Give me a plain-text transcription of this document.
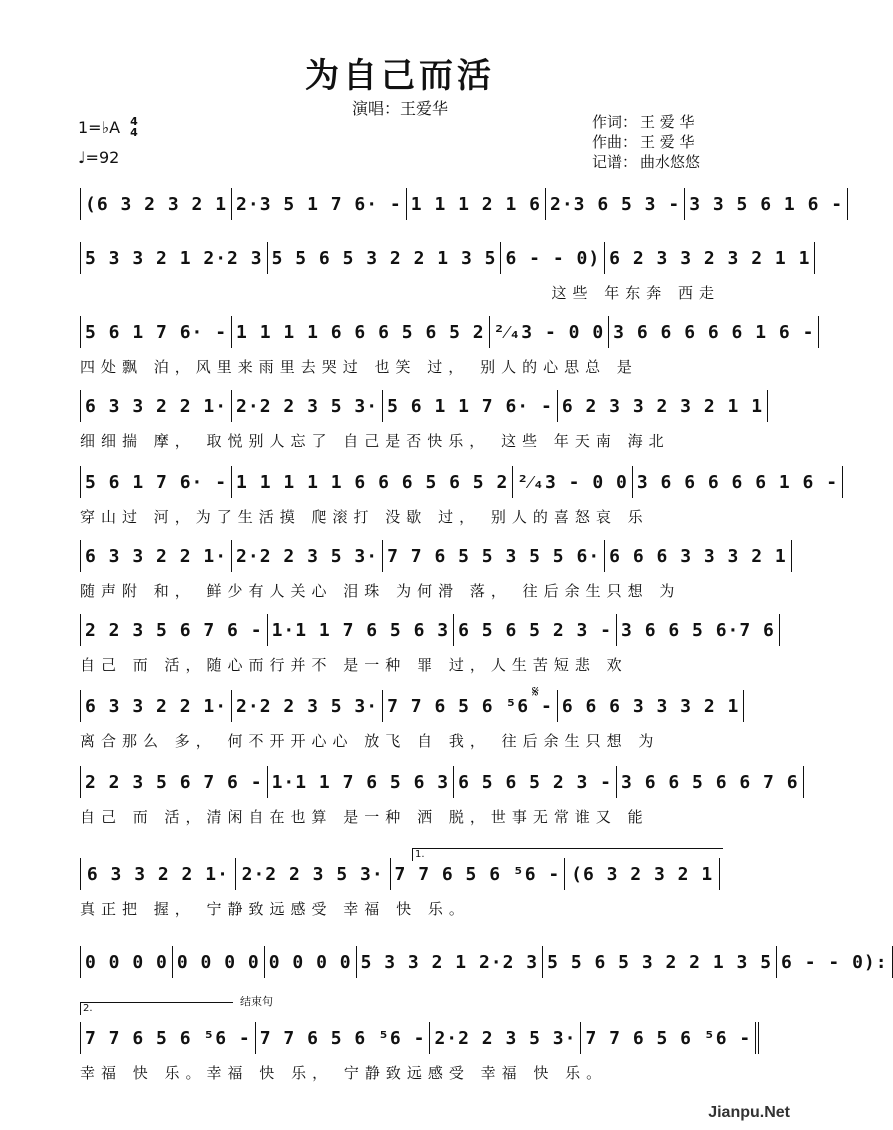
为自己而活
演唱：王爱华
1=♭A 4
4
♩=92
作词： 王 爱 华
作曲： 王 爱 华
记谱： 曲水悠悠
(6 3 2 3 2 1 2·3 5 1 7 6· - 1 1 1 2 1 6 2·3 6 5 3 - 3 3 5 6 1 6 -
5 3 3 2 1 2·2 3 5 5 6 5 3 2 2 1 3 5 6 - - 0) 6 2 3 3 2 3 2 1 1
这些 年东奔 西走
5 6 1 7 6· - 1 1 1 1 6 6 6 5 6 5 2 ²⁄₄3 - 0 0 3 6 6 6 6 6 1 6 -
四处飘 泊，风里来雨里去哭过 也笑 过， 别人的心思总 是
6 3 3 2 2 1· 2·2 2 3 5 3· 5 6 1 1 7 6· - 6 2 3 3 2 3 2 1 1
细细揣 摩， 取悦别人忘了 自己是否快乐， 这些 年天南 海北
5 6 1 7 6· - 1 1 1 1 1 6 6 6 5 6 5 2 ²⁄₄3 - 0 0 3 6 6 6 6 6 1 6 -
穿山过 河，为了生活摸 爬滚打 没歇 过， 别人的喜怒哀 乐
6 3 3 2 2 1· 2·2 2 3 5 3· 7 7 6 5 5 3 5 5 6· 6 6 6 3 3 3 2 1
随声附 和， 鲜少有人关心 泪珠 为何滑 落， 往后余生只想 为
2 2 3 5 6 7 6 - 1·1 1 7 6 5 6 3 6 5 6 5 2 3 - 3 6 6 5 6·7 6
自己 而 活，随心而行并不 是一种 罪 过，人生苦短悲 欢
6 3 3 2 2 1· 2·2 2 3 5 3· 7 7 6 5 6 ⁵6 - 6 6 6 3 3 3 2 1
离合那么 多， 何不开开心心 放飞 自 我， 往后余生只想 为
2 2 3 5 6 7 6 - 1·1 1 7 6 5 6 3 6 5 6 5 2 3 - 3 6 6 5 6 6 7 6
自己 而 活，清闲自在也算 是一种 洒 脱，世事无常谁又 能
6 3 3 2 2 1· 2·2 2 3 5 3· 7 7 6 5 6 ⁵6 - (6 3 2 3 2 1
真正把 握， 宁静致远感受 幸福 快 乐。
0 0 0 0 0 0 0 0 0 0 0 0 5 3 3 2 1 2·2 3 5 5 6 5 3 2 2 1 3 5 6 - - 0):
7 7 6 5 6 ⁵6 - 7 7 6 5 6 ⁵6 - 2·2 2 3 5 3· 7 7 6 5 6 ⁵6 -
幸福 快 乐。幸福 快 乐， 宁静致远感受 幸福 快 乐。
𝄋
1.
2.
结束句
Jianpu.Net
